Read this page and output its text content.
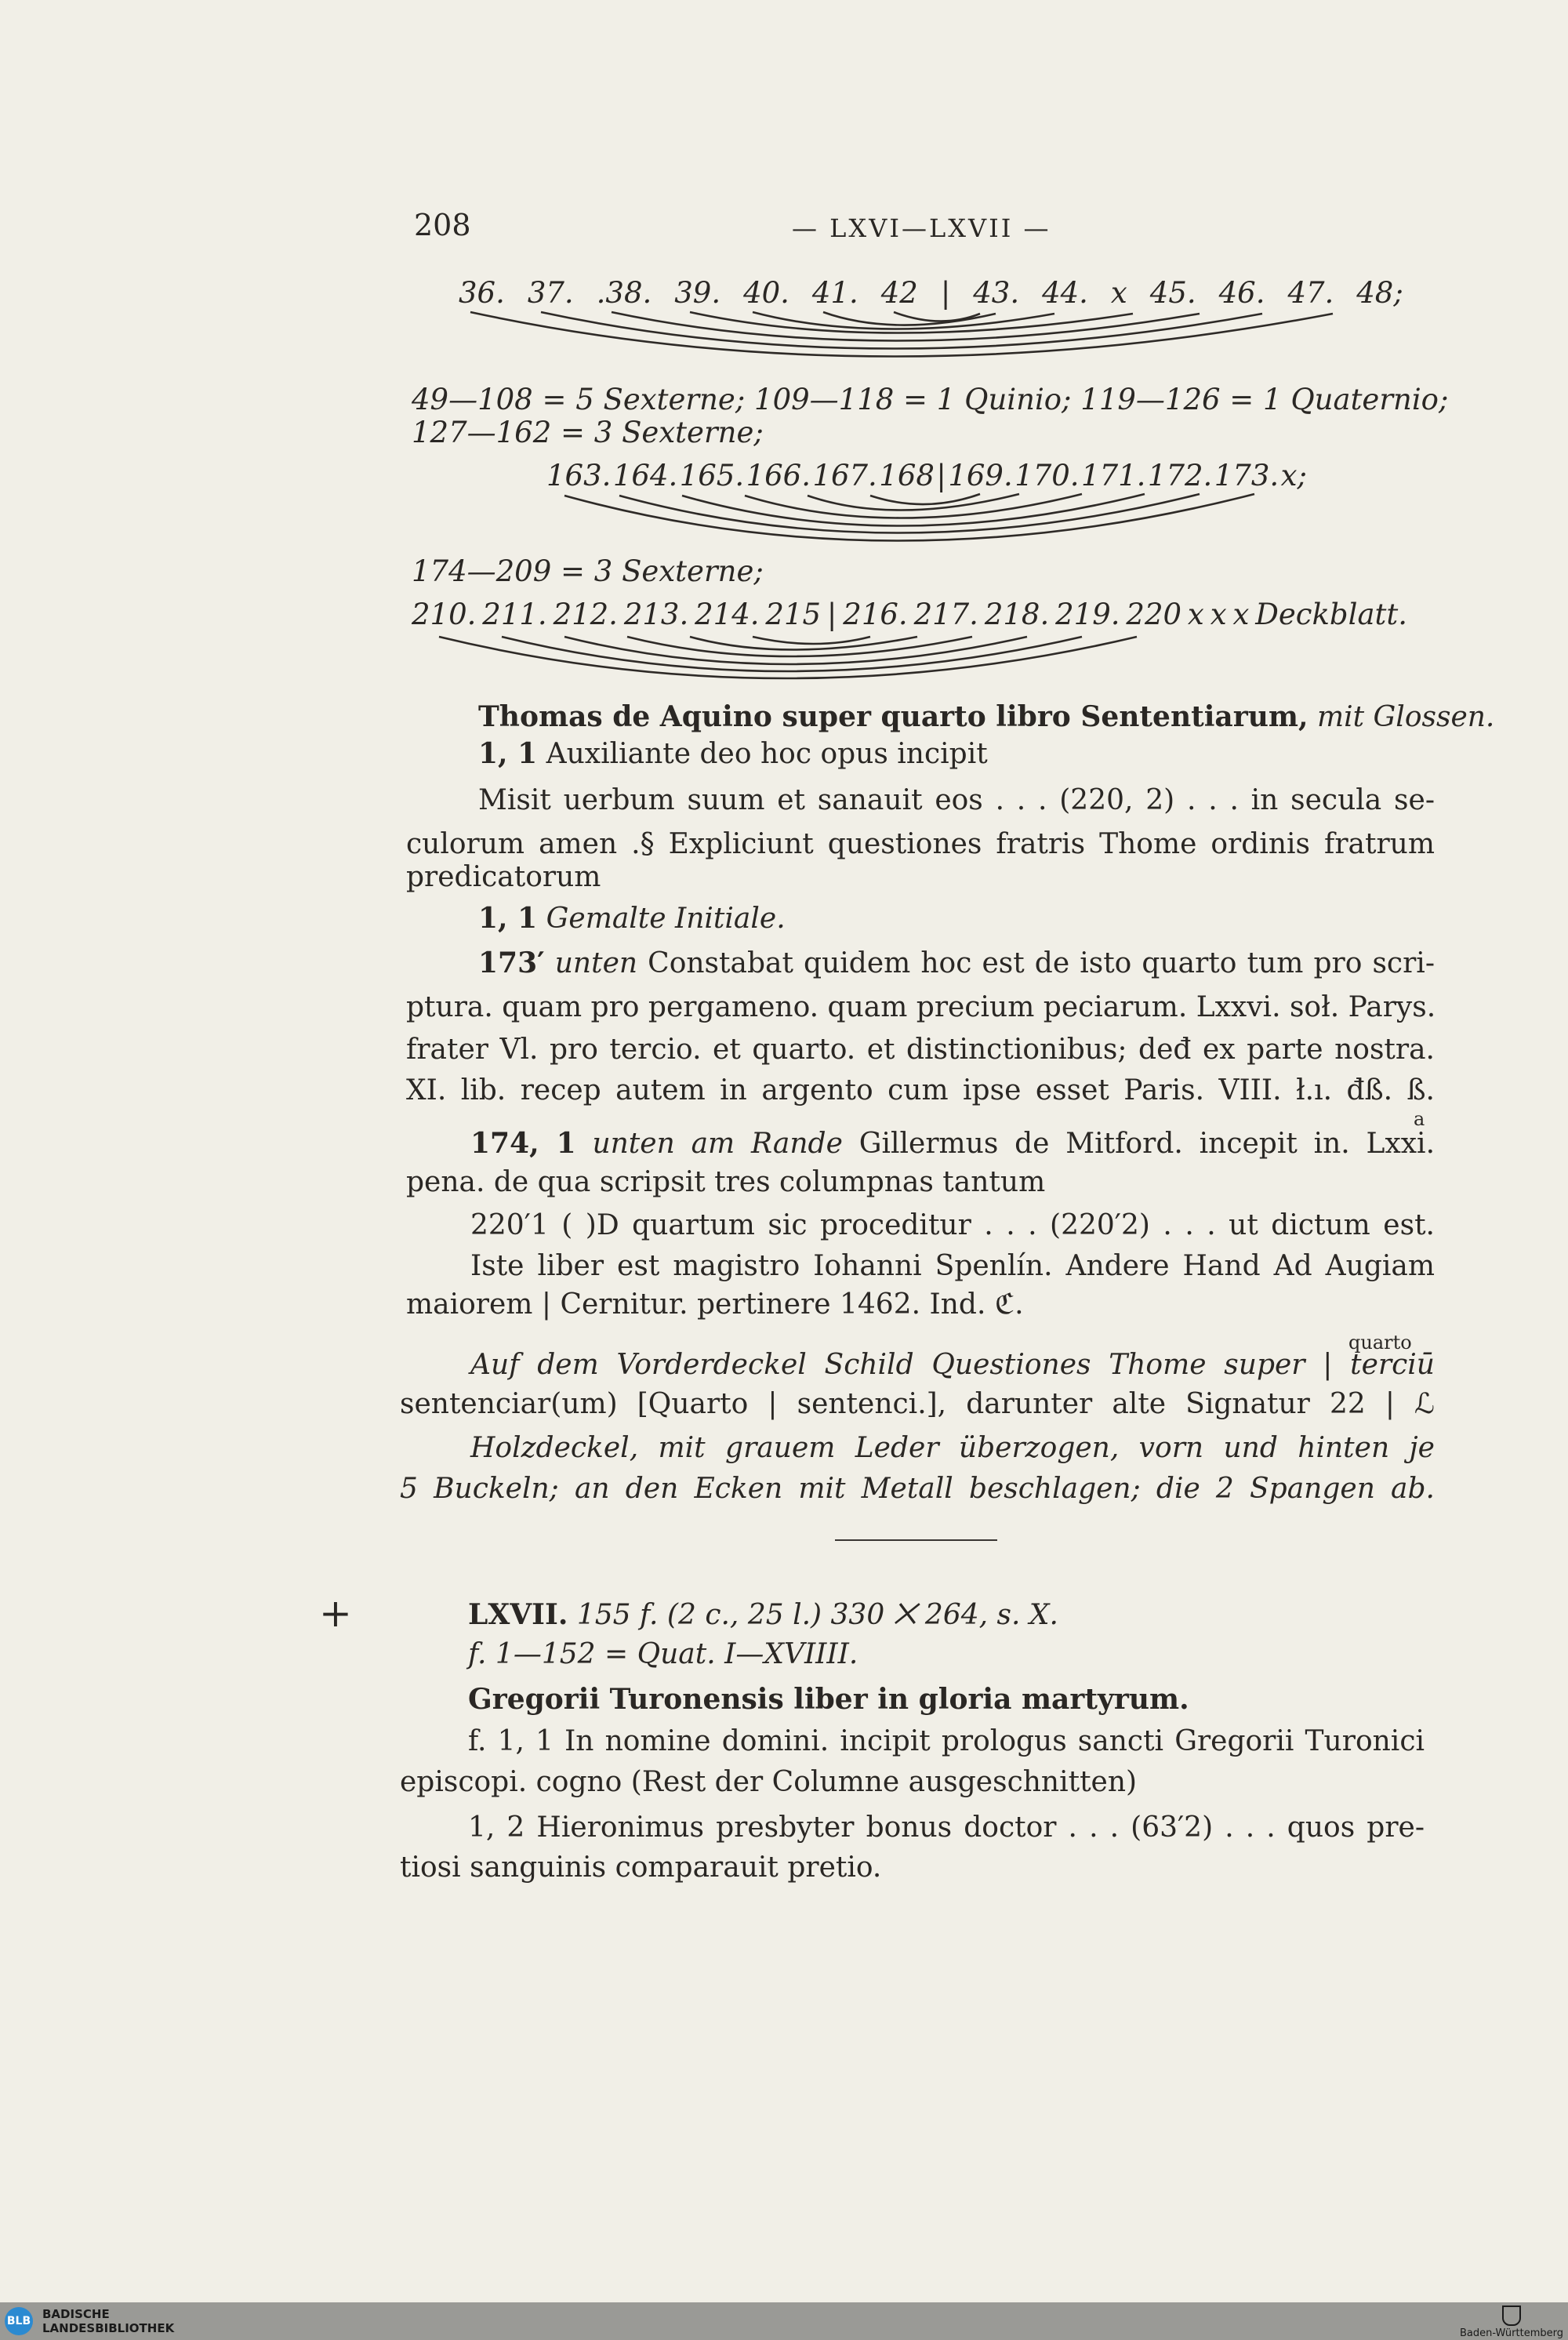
208	— LXVI—LXVII —
36. 37. .38. 39. 40. 41. 42 | 43. 44. x 45. 46. 47. 48;
49—108 = 5 Sexterne; 109—118 = 1 Quinio; 119—126 = 1 Quaternio;
127—162 = 3 Sexterne;
163. 164. 165. 166. 167. 168 | 169. 170. 171. 172. 173. x;
174—209 = 3 Sexterne;
210. 211. 212. 213. 214. 215 | 216. 217. 218. 219. 220 x x x Deckblatt.
Thomas de Aquino super quarto libro Sententiarum, mit Glossen.
1, 1 Auxiliante deo hoc opus incipit
Misit uerbum suum et sanauit eos . . . (220, 2) . . . in secula se-
culorum amen .§ Expliciunt questiones fratris Thome ordinis fratrum
predicatorum
1, 1 Gemalte Initiale.
173′ unten Constabat quidem hoc est de isto quarto tum pro scri-
ptura. quam pro pergameno. quam precium peciarum. Lxxvi. soł. Parys.
frater Vl. pro tercio. et quarto. et distinctionibus; deđ ex parte nostra.
XI. lib. recep autem in argento cum ipse esset Paris. VIII. ł.ı. đß. ß.
a
174, 1 unten am Rande Gillermus de Mitford. incepit in. Lxxi.
pena. de qua scripsit tres columpnas tantum
220′1 ( )D quartum sic proceditur . . . (220′2) . . . ut dictum est.
Iste liber est magistro Iohanni Spenlín. Andere Hand Ad Augiam
maiorem | Cernitur. pertinere 1462. Ind. ℭ.
quarto
Auf dem Vorderdeckel Schild Questiones Thome super | terciū
sentenciar(um) [Quarto | sentenci.], darunter alte Signatur 22 | ℒ
Holzdeckel, mit grauem Leder überzogen, vorn und hinten je
5 Buckeln; an den Ecken mit Metall beschlagen; die 2 Spangen ab.
+	LXVII. 155 f. (2 c., 25 l.) 330 ⨉ 264, s. X.
f. 1—152 = Quat. I—XVIIII.
Gregorii Turonensis liber in gloria martyrum.
f. 1, 1 In nomine domini. incipit prologus sancti Gregorii Turonici
episcopi. cogno (Rest der Columne ausgeschnitten)
1, 2 Hieronimus presbyter bonus doctor . . . (63′2) . . . quos pre-
tiosi sanguinis comparauit pretio.
BLB BADISCHE
LANDESBIBLIOTHEK	Baden-Württemberg
